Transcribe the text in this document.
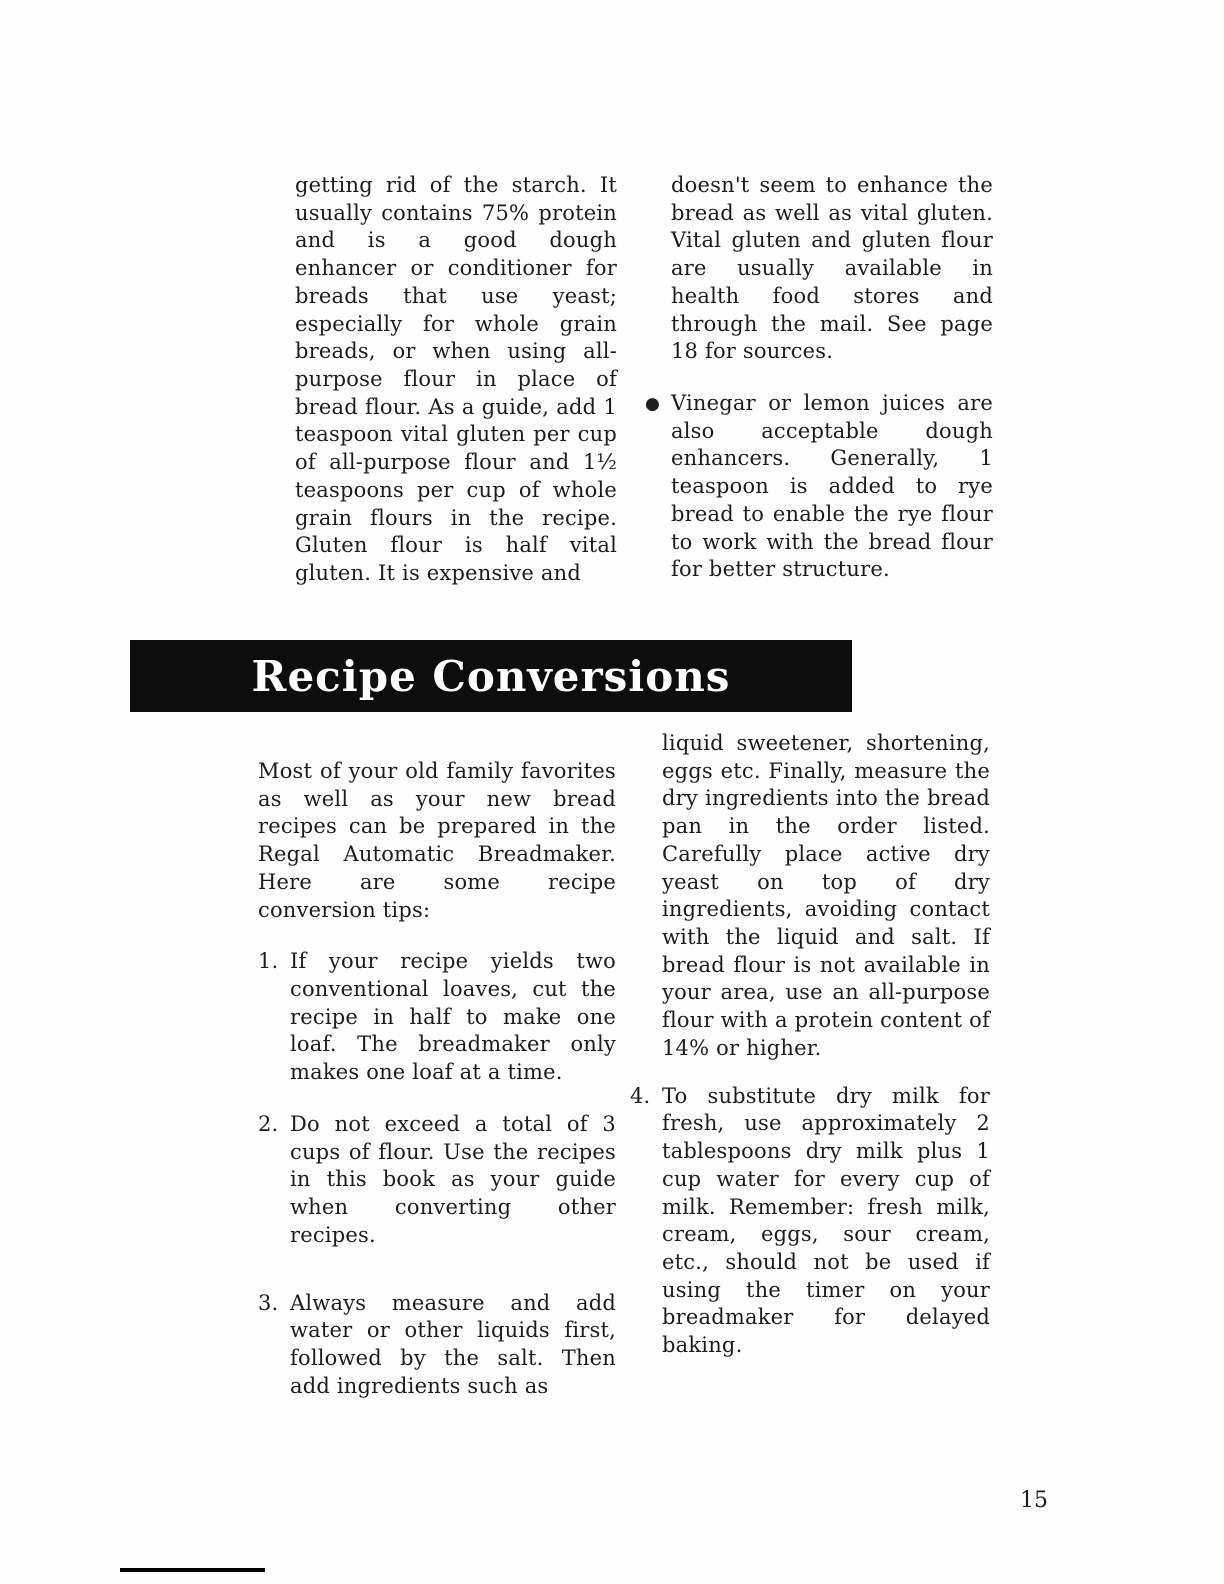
getting rid of the starch. It usually contains 75% protein and is a good dough enhancer or conditioner for breads that use yeast; especially for whole grain breads, or when using all-purpose flour in place of bread flour. As a guide, add 1 teaspoon vital gluten per cup of all-purpose flour and 1½ teaspoons per cup of whole grain flours in the recipe. Gluten flour is half vital gluten. It is expensive and

doesn't seem to enhance the bread as well as vital gluten. Vital gluten and gluten flour are usually available in health food stores and through the mail. See page 18 for sources.

● Vinegar or lemon juices are also acceptable dough enhancers. Generally, 1 teaspoon is added to rye bread to enable the rye flour to work with the bread flour for better structure.
Recipe Conversions

Most of your old family favorites as well as your new bread recipes can be prepared in the Regal Automatic Breadmaker. Here are some recipe conversion tips:

1. If your recipe yields two conventional loaves, cut the recipe in half to make one loaf. The breadmaker only makes one loaf at a time.
2. Do not exceed a total of 3 cups of flour. Use the recipes in this book as your guide when converting other recipes.
3. Always measure and add water or other liquids first, followed by the salt. Then add ingredients such as

liquid sweetener, shortening, eggs etc. Finally, measure the dry ingredients into the bread pan in the order listed. Carefully place active dry yeast on top of dry ingredients, avoiding contact with the liquid and salt. If bread flour is not available in your area, use an all-purpose flour with a protein content of 14% or higher.

4. To substitute dry milk for fresh, use approximately 2 tablespoons dry milk plus 1 cup water for every cup of milk. Remember: fresh milk, cream, eggs, sour cream, etc., should not be used if using the timer on your breadmaker for delayed baking.
15
